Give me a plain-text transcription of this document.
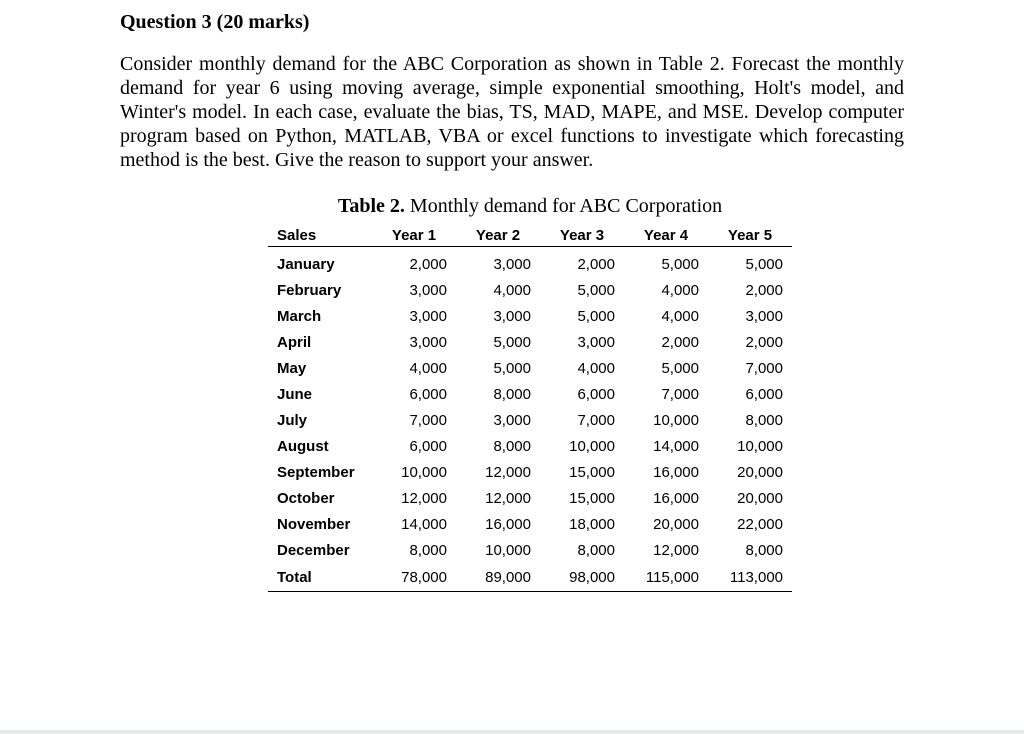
Question 3 (20 marks)

Consider monthly demand for the ABC Corporation as shown in Table 2. Forecast the monthly demand for year 6 using moving average, simple exponential smoothing, Holt's model, and Winter's model. In each case, evaluate the bias, TS, MAD, MAPE, and MSE. Develop computer program based on Python, MATLAB, VBA or excel functions to investigate which forecasting method is the best. Give the reason to support your answer.

Table 2. Monthly demand for ABC Corporation

Sales	Year 1	Year 2	Year 3	Year 4	Year 5
January	2,000	3,000	2,000	5,000	5,000
February	3,000	4,000	5,000	4,000	2,000
March	3,000	3,000	5,000	4,000	3,000
April	3,000	5,000	3,000	2,000	2,000
May	4,000	5,000	4,000	5,000	7,000
June	6,000	8,000	6,000	7,000	6,000
July	7,000	3,000	7,000	10,000	8,000
August	6,000	8,000	10,000	14,000	10,000
September	10,000	12,000	15,000	16,000	20,000
October	12,000	12,000	15,000	16,000	20,000
November	14,000	16,000	18,000	20,000	22,000
December	8,000	10,000	8,000	12,000	8,000
Total	78,000	89,000	98,000	115,000	113,000
